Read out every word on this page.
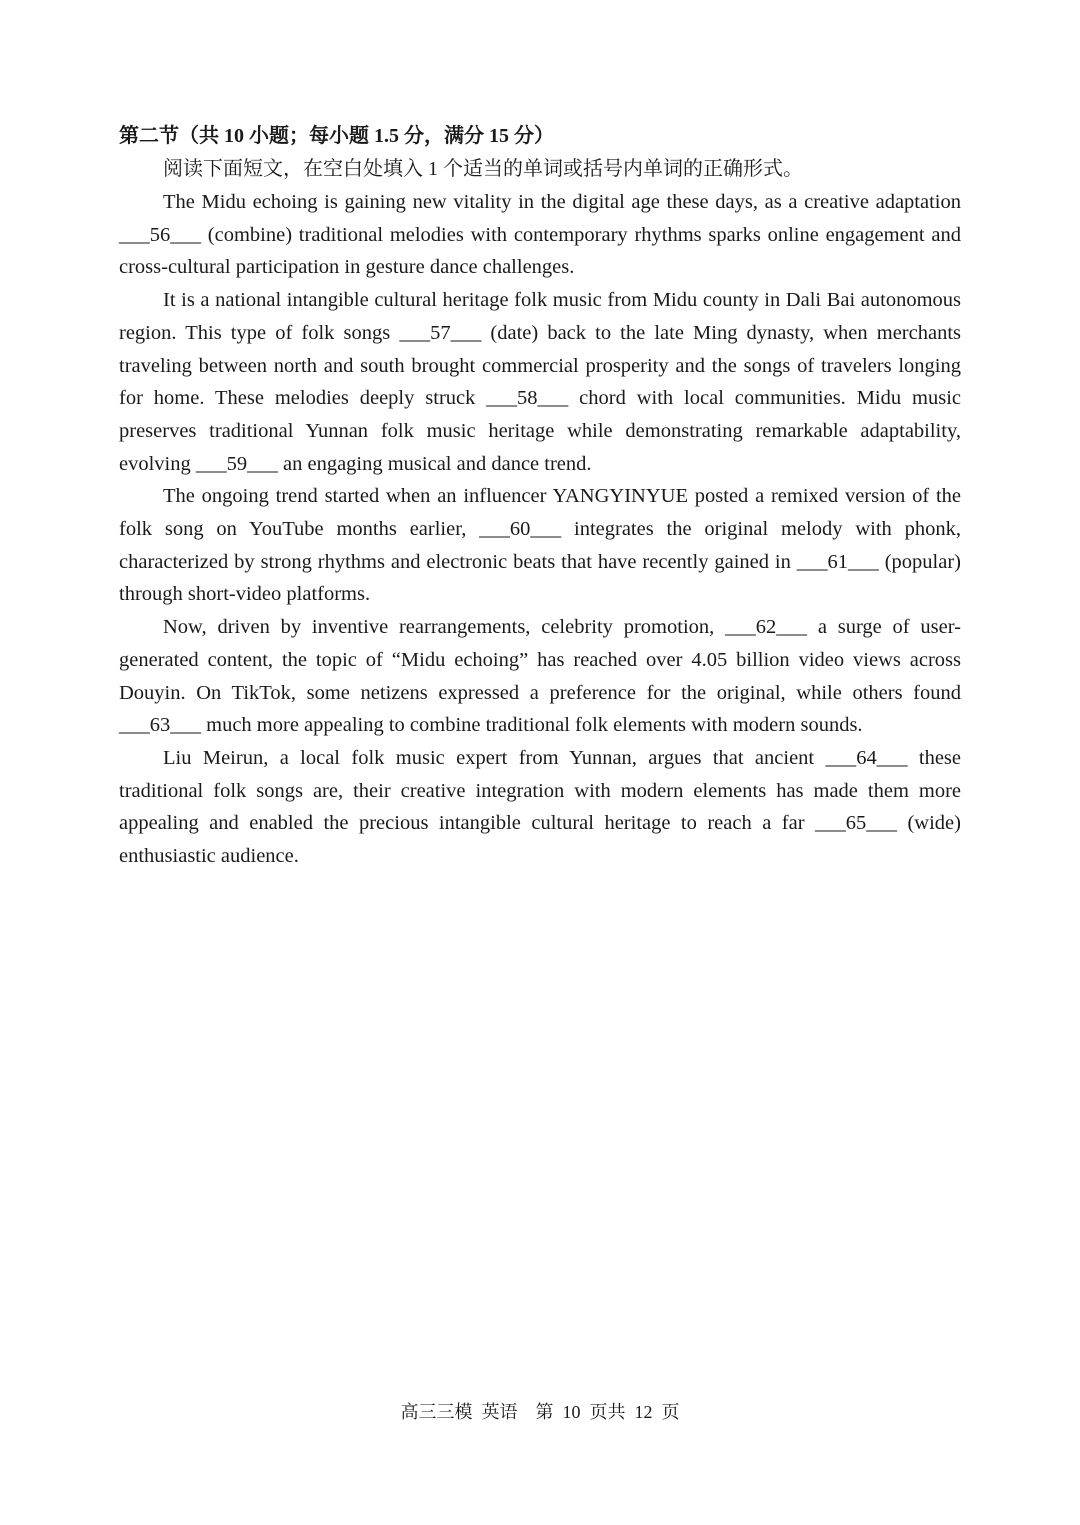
第二节（共 10 小题；每小题 1.5 分，满分 15 分）

阅读下面短文，在空白处填入 1 个适当的单词或括号内单词的正确形式。

The Midu echoing is gaining new vitality in the digital age these days, as a creative adaptation ___56___ (combine) traditional melodies with contemporary rhythms sparks online engagement and cross-cultural participation in gesture dance challenges.

It is a national intangible cultural heritage folk music from Midu county in Dali Bai autonomous region. This type of folk songs ___57___ (date) back to the late Ming dynasty, when merchants traveling between north and south brought commercial prosperity and the songs of travelers longing for home. These melodies deeply struck ___58___ chord with local communities. Midu music preserves traditional Yunnan folk music heritage while demonstrating remarkable adaptability, evolving ___59___ an engaging musical and dance trend.

The ongoing trend started when an influencer YANGYINYUE posted a remixed version of the folk song on YouTube months earlier, ___60___ integrates the original melody with phonk, characterized by strong rhythms and electronic beats that have recently gained in ___61___ (popular) through short-video platforms.

Now, driven by inventive rearrangements, celebrity promotion, ___62___ a surge of user-generated content, the topic of “Midu echoing” has reached over 4.05 billion video views across Douyin. On TikTok, some netizens expressed a preference for the original, while others found ___63___ much more appealing to combine traditional folk elements with modern sounds.

Liu Meirun, a local folk music expert from Yunnan, argues that ancient ___64___ these traditional folk songs are, their creative integration with modern elements has made them more appealing and enabled the precious intangible cultural heritage to reach a far ___65___ (wide) enthusiastic audience.

高三三模  英语    第  10  页共  12  页
